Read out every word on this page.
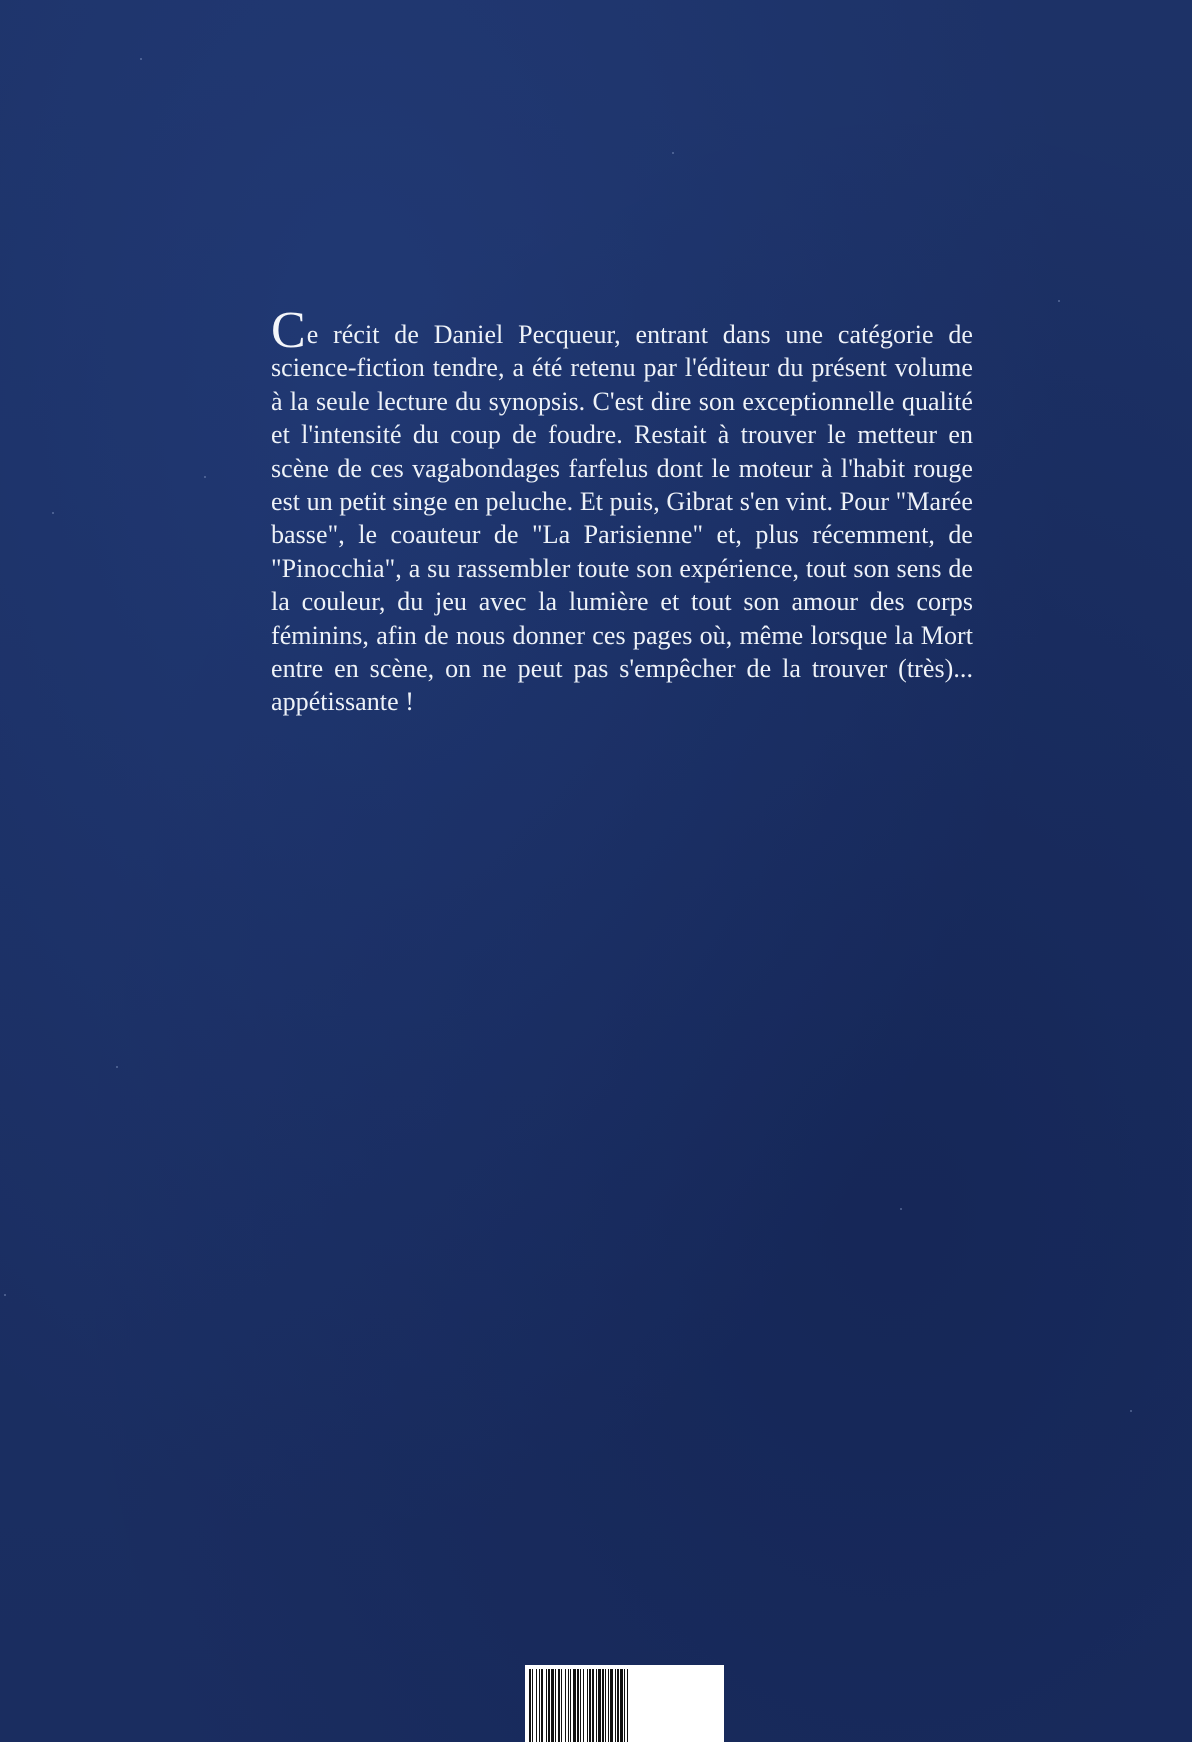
Ce récit de Daniel Pecqueur, entrant dans une catégorie de science-fiction tendre, a été retenu par l'éditeur du présent volume à la seule lecture du synopsis. C'est dire son exceptionnelle qualité et l'intensité du coup de foudre. Restait à trouver le metteur en scène de ces vagabondages farfelus dont le moteur à l'habit rouge est un petit singe en peluche. Et puis, Gibrat s'en vint. Pour "Marée basse", le coauteur de "La Parisienne" et, plus récemment, de "Pinocchia", a su rassembler toute son expérience, tout son sens de la couleur, du jeu avec la lumière et tout son amour des corps féminins, afin de nous donner ces pages où, même lorsque la Mort entre en scène, on ne peut pas s'empêcher de la trouver (très)... appétissante !
